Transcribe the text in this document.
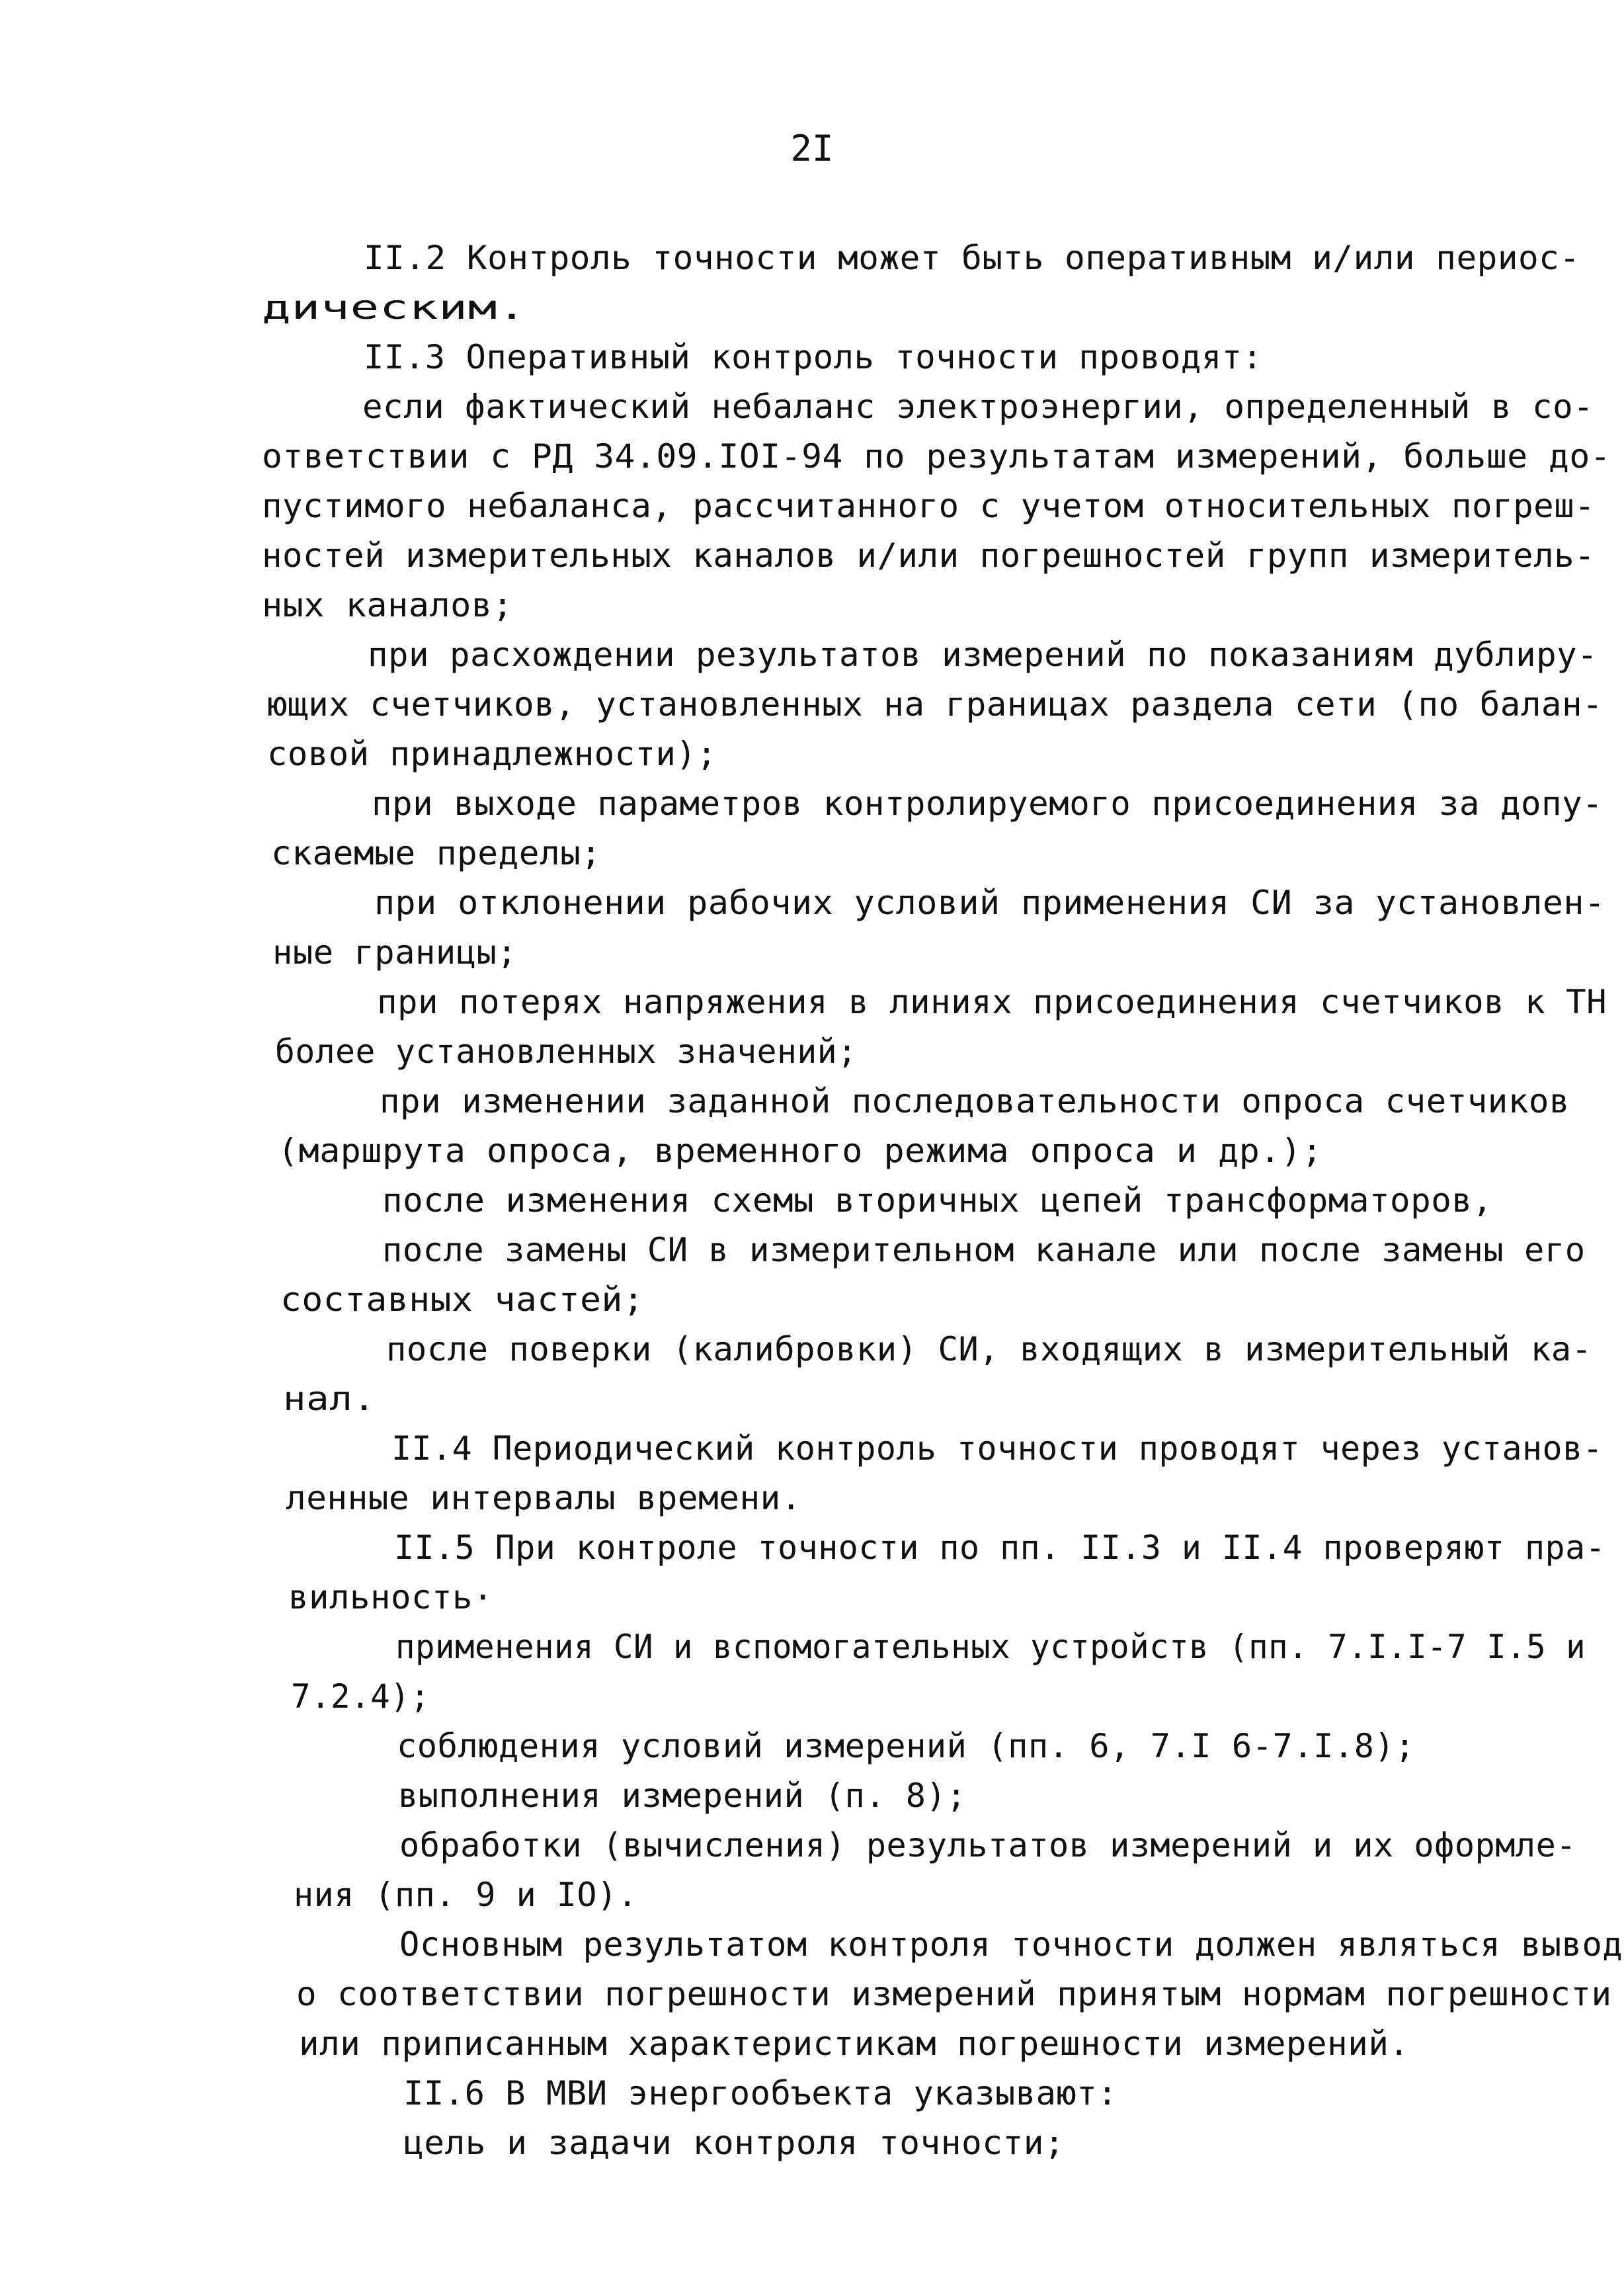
2I
II.2 Контроль точности может быть оперативным и/или периоc-
дическим.
II.3 Оперативный контроль точности проводят:
если фактический небаланс электроэнергии, определенный в со-
ответствии с РД 34.09.IOI-94 по результатам измерений, больше до-
пустимого небаланса, рассчитанного с учетом относительных погреш-
ностей измерительных каналов и/или погрешностей групп измеритель-
ных каналов;
при расхождении результатов измерений по показаниям дублиру-
ющих счетчиков, установленных на границах раздела сети (по балан-
совой принадлежности);
при выходе параметров контролируемого присоединения за допу-
скаемые пределы;
при отклонении рабочих условий применения СИ за установлен-
ные границы;
при потерях напряжения в линиях присоединения счетчиков к ТН
более установленных значений;
при изменении заданной последовательности опроса счетчиков
(маршрута опроса, временного режима опроса и др.);
после изменения схемы вторичных цепей трансформаторов,
после замены СИ в измерительном канале или после замены его
составных частей;
после поверки (калибровки) СИ, входящих в измерительный ка-
нал.
II.4 Периодический контроль точности проводят через установ-
ленные интервалы времени.
II.5 При контроле точности по пп. II.3 и II.4 проверяют пра-
вильность·
применения СИ и вспомогательных устройств (пп. 7.I.I-7 I.5 и
7.2.4);
соблюдения условий измерений (пп. 6, 7.I 6-7.I.8);
выполнения измерений (п. 8);
обработки (вычисления) результатов измерений и их оформле-
ния (пп. 9 и IO).
Основным результатом контроля точности должен являться вывод
о соответствии погрешности измерений принятым нормам погрешности
или приписанным характеристикам погрешности измерений.
II.6 В МВИ энергообъекта указывают:
цель и задачи контроля точности;
